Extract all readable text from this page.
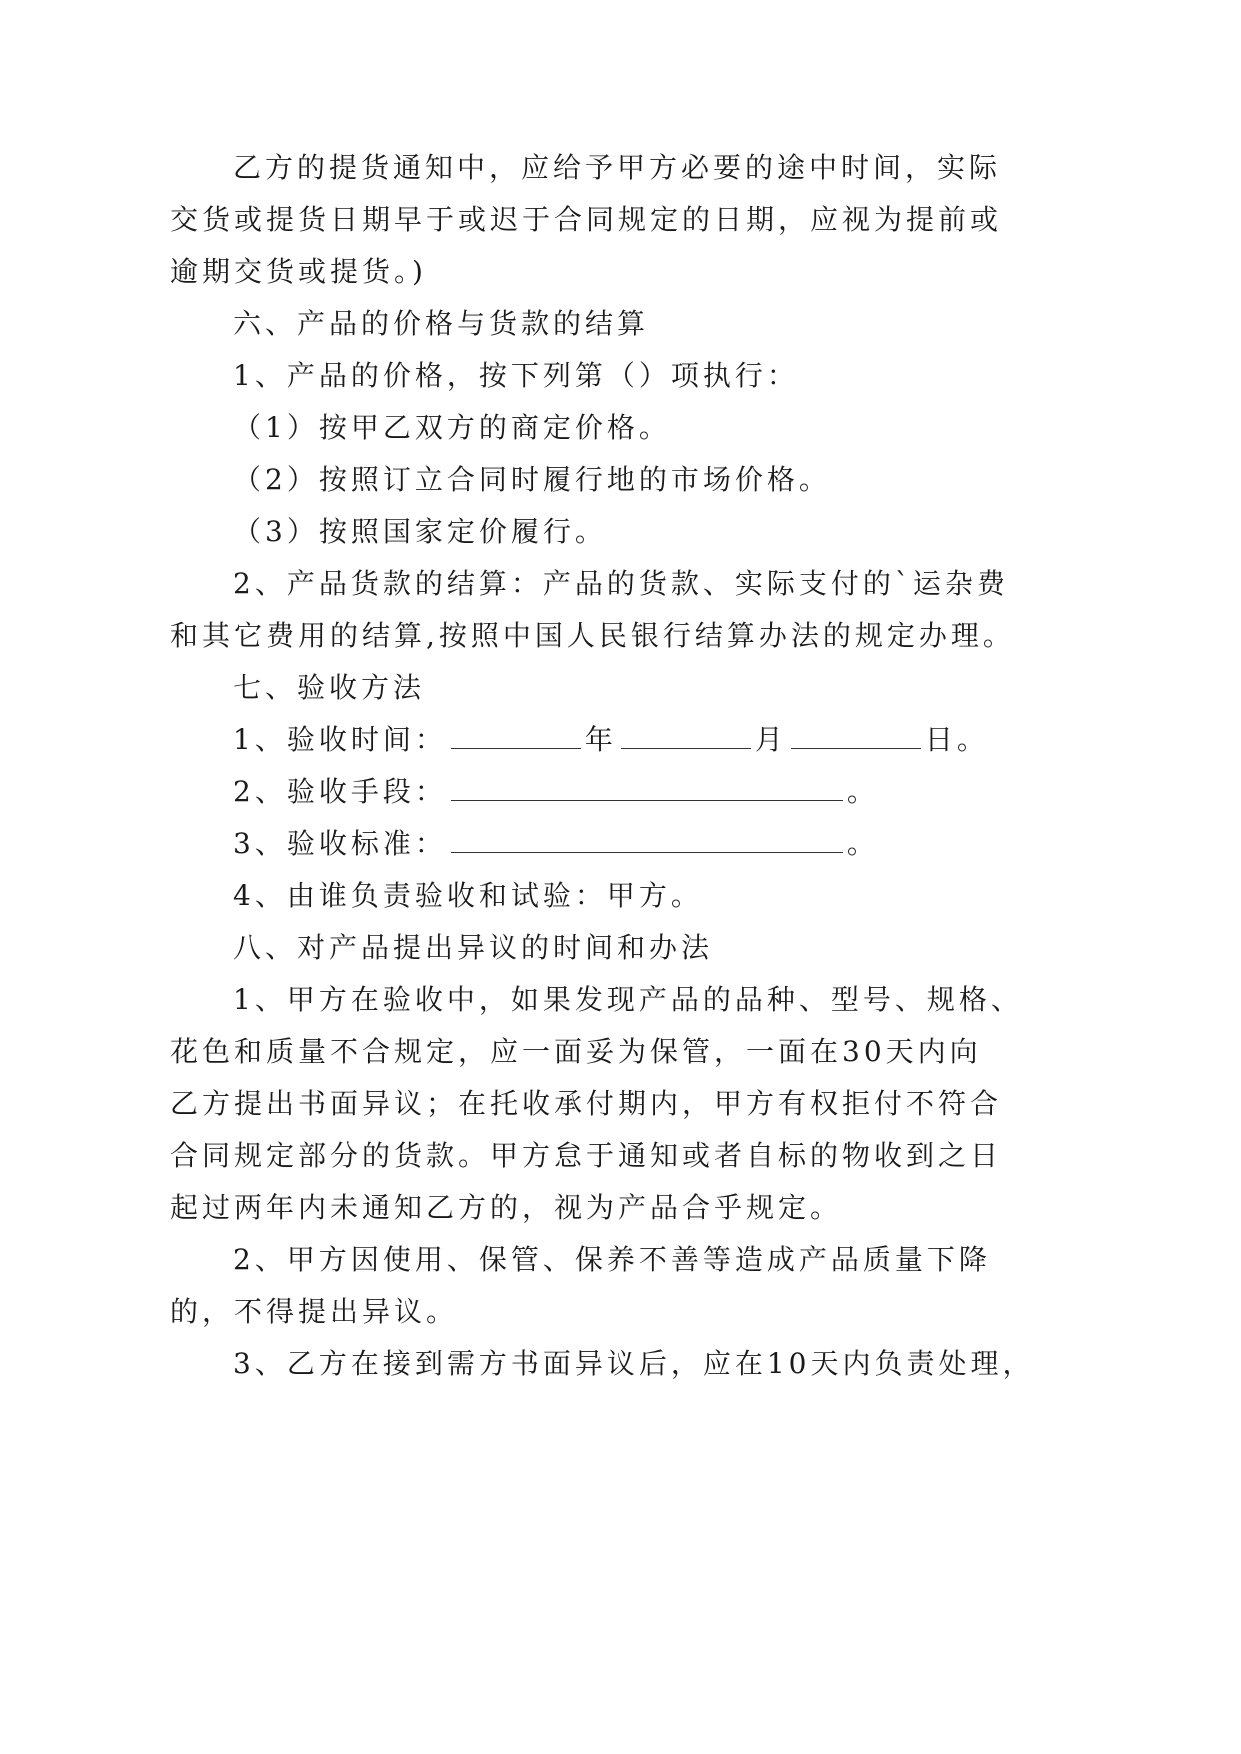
乙方的提货通知中，应给予甲方必要的途中时间，实际
交货或提货日期早于或迟于合同规定的日期，应视为提前或
逾期交货或提货。)
六、产品的价格与货款的结算
1、产品的价格，按下列第（）项执行：
（1）按甲乙双方的商定价格。
（2）按照订立合同时履行地的市场价格。
（3）按照国家定价履行。
2、产品货款的结算：产品的货款、实际支付的`运杂费
和其它费用的结算,按照中国人民银行结算办法的规定办理。
七、验收方法
1、验收时间：	年	月	日。
2、验收手段：	。
3、验收标准：	。
4、由谁负责验收和试验：甲方。
八、对产品提出异议的时间和办法
1、甲方在验收中，如果发现产品的品种、型号、规格、
花色和质量不合规定，应一面妥为保管，一面在30天内向
乙方提出书面异议；在托收承付期内，甲方有权拒付不符合
合同规定部分的货款。甲方怠于通知或者自标的物收到之日
起过两年内未通知乙方的，视为产品合乎规定。
2、甲方因使用、保管、保养不善等造成产品质量下降
的，不得提出异议。
3、乙方在接到需方书面异议后，应在10天内负责处理，
